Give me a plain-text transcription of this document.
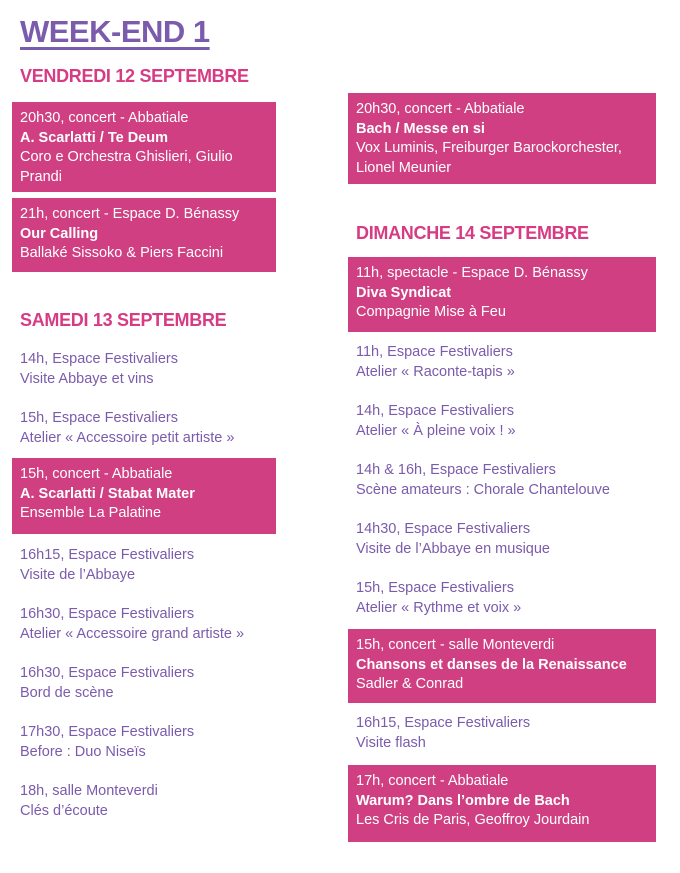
WEEK-END 1
VENDREDI 12 SEPTEMBRE
20h30, concert - Abbatiale
A. Scarlatti / Te Deum
Coro e Orchestra Ghislieri, Giulio Prandi
21h, concert - Espace D. Bénassy
Our Calling
Ballaké Sissoko & Piers Faccini
SAMEDI 13 SEPTEMBRE
14h, Espace Festivaliers
Visite Abbaye et vins
15h, Espace Festivaliers
Atelier « Accessoire petit artiste »
15h, concert - Abbatiale
A. Scarlatti / Stabat Mater
Ensemble La Palatine
16h15, Espace Festivaliers
Visite de l’Abbaye
16h30, Espace Festivaliers
Atelier « Accessoire grand artiste »
16h30, Espace Festivaliers
Bord de scène
17h30, Espace Festivaliers
Before : Duo Niseïs
18h, salle Monteverdi
Clés d’écoute
20h30, concert - Abbatiale
Bach / Messe en si
Vox Luminis, Freiburger Barockorchester, Lionel Meunier
DIMANCHE 14 SEPTEMBRE
11h, spectacle - Espace D. Bénassy
Diva Syndicat
Compagnie Mise à Feu
11h, Espace Festivaliers
Atelier « Raconte-tapis »
14h, Espace Festivaliers
Atelier « À pleine voix ! »
14h & 16h, Espace Festivaliers
Scène amateurs : Chorale Chantelouve
14h30, Espace Festivaliers
Visite de l’Abbaye en musique
15h, Espace Festivaliers
Atelier « Rythme et voix »
15h, concert - salle Monteverdi
Chansons et danses de la Renaissance
Sadler & Conrad
16h15, Espace Festivaliers
Visite flash
17h, concert - Abbatiale
Warum? Dans l’ombre de Bach
Les Cris de Paris, Geoffroy Jourdain
